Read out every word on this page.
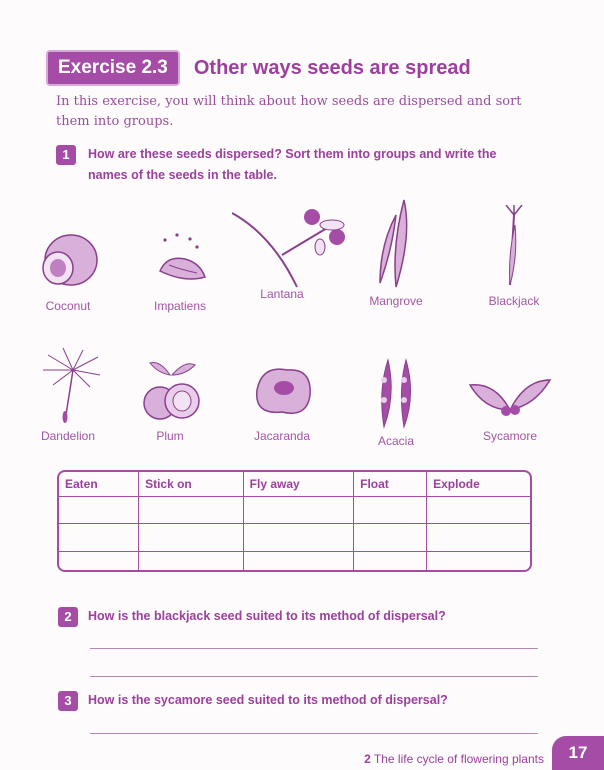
Exercise 2.3	Other ways seeds are spread
In this exercise, you will think about how seeds are dispersed and sort them into groups.
1	How are these seeds dispersed? Sort them into groups and write the names of the seeds in the table.
Coconut	Impatiens
Lantana	Mangrove	Blackjack
Dandelion	Plum	Jacaranda	Acacia	Sycamore
Eaten	Stick on	Fly away	Float	Explode

2	How is the blackjack seed suited to its method of dispersal?
3	How is the sycamore seed suited to its method of dispersal?
2 The life cycle of flowering plants	17
